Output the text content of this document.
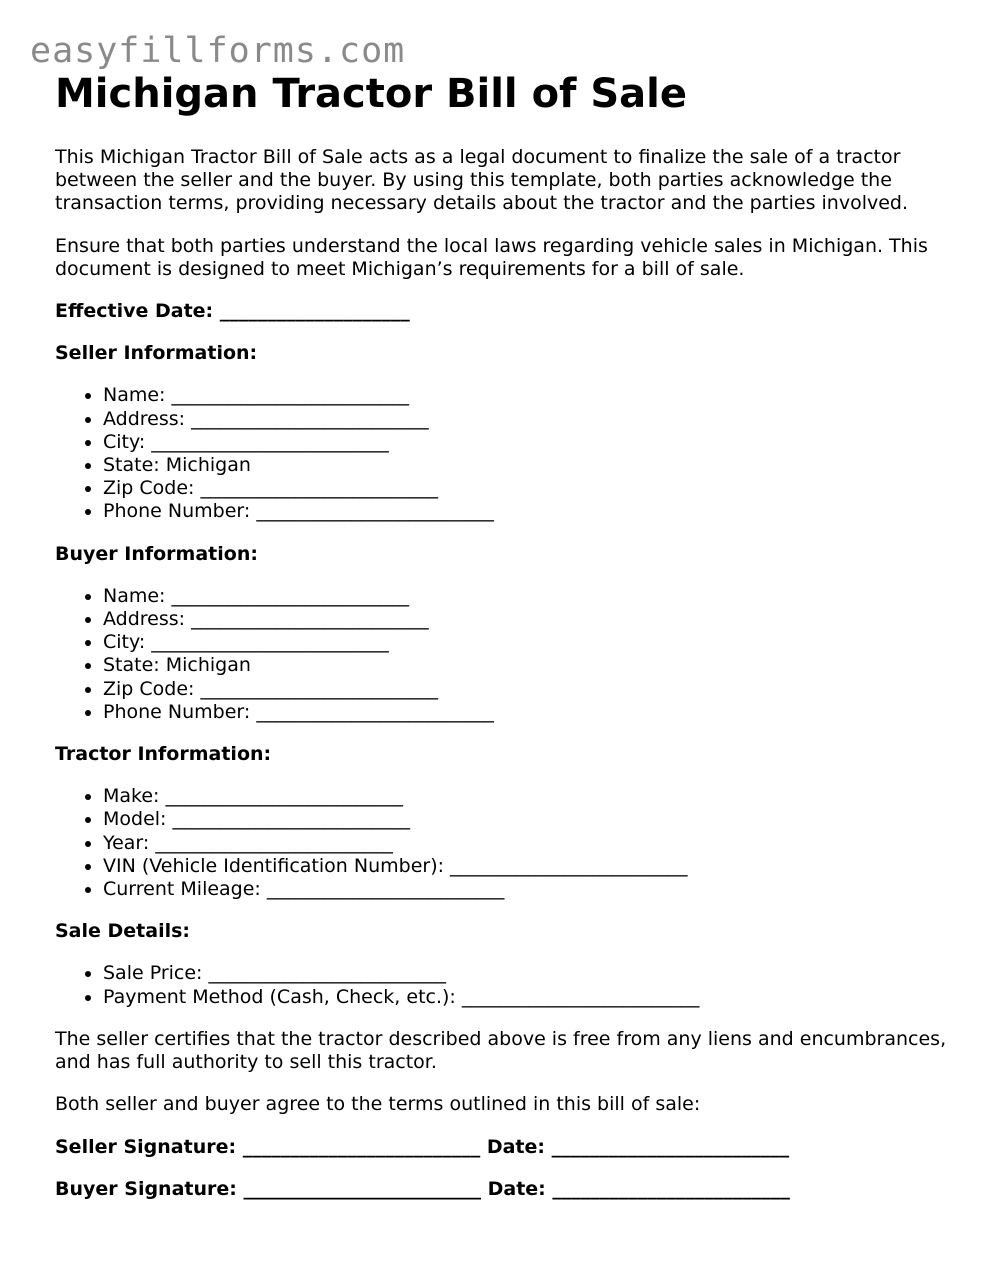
easyfillforms.com
Michigan Tractor Bill of Sale

This Michigan Tractor Bill of Sale acts as a legal document to finalize the sale of a tractor between the seller and the buyer. By using this template, both parties acknowledge the transaction terms, providing necessary details about the tractor and the parties involved.

Ensure that both parties understand the local laws regarding vehicle sales in Michigan. This document is designed to meet Michigan’s requirements for a bill of sale.

Effective Date: ____________________

Seller Information:

• Name: _________________________
• Address: _________________________
• City: _________________________
• State: Michigan
• Zip Code: _________________________
• Phone Number: _________________________

Buyer Information:

• Name: _________________________
• Address: _________________________
• City: _________________________
• State: Michigan
• Zip Code: _________________________
• Phone Number: _________________________

Tractor Information:

• Make: _________________________
• Model: _________________________
• Year: _________________________
• VIN (Vehicle Identification Number): _________________________
• Current Mileage: _________________________

Sale Details:

• Sale Price: _________________________
• Payment Method (Cash, Check, etc.): _________________________

The seller certifies that the tractor described above is free from any liens and encumbrances, and has full authority to sell this tractor.

Both seller and buyer agree to the terms outlined in this bill of sale:

Seller Signature: _________________________ Date: _________________________

Buyer Signature: _________________________ Date: _________________________
